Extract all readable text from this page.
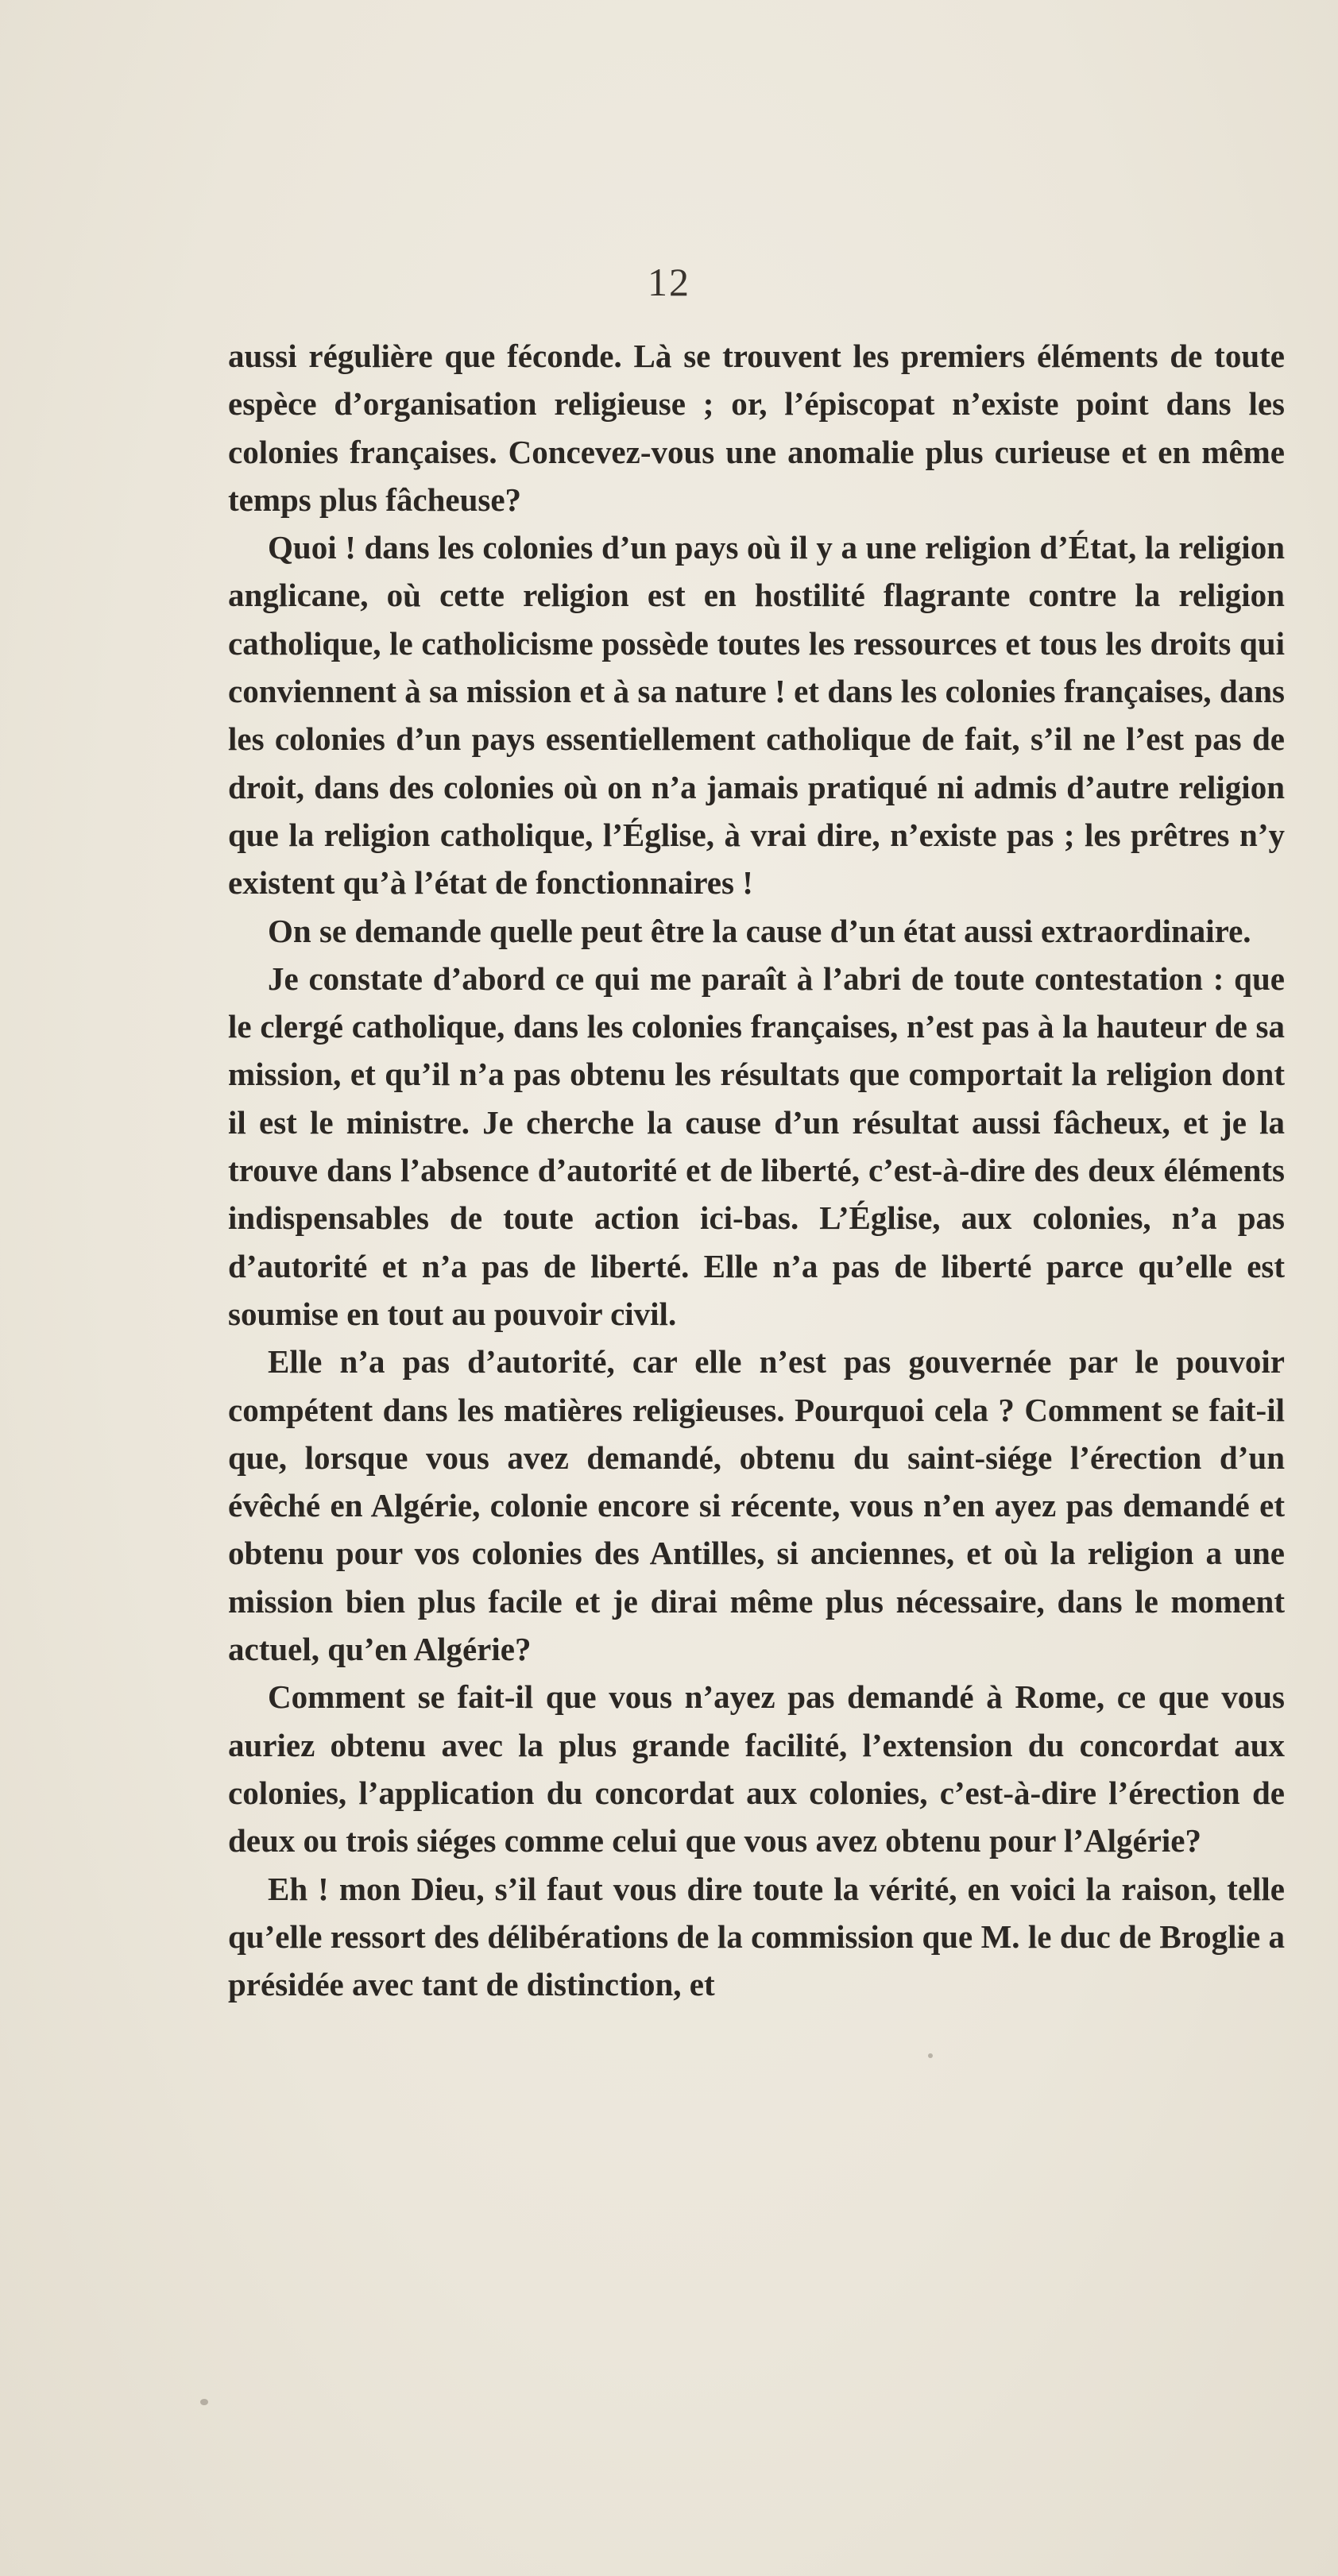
12

aussi régulière que féconde. Là se trouvent les premiers éléments de toute espèce d’organisation religieuse ; or, l’épiscopat n’existe point dans les colonies françaises. Concevez-vous une anomalie plus curieuse et en même temps plus fâcheuse?

Quoi ! dans les colonies d’un pays où il y a une religion d’État, la religion anglicane, où cette religion est en hostilité flagrante contre la religion catholique, le catholicisme possède toutes les ressources et tous les droits qui conviennent à sa mission et à sa nature ! et dans les colonies françaises, dans les colonies d’un pays essentiellement catholique de fait, s’il ne l’est pas de droit, dans des colonies où on n’a jamais pratiqué ni admis d’autre religion que la religion catholique, l’Église, à vrai dire, n’existe pas ; les prêtres n’y existent qu’à l’état de fonctionnaires !

On se demande quelle peut être la cause d’un état aussi extraordinaire.

Je constate d’abord ce qui me paraît à l’abri de toute contestation : que le clergé catholique, dans les colonies françaises, n’est pas à la hauteur de sa mission, et qu’il n’a pas obtenu les résultats que comportait la religion dont il est le ministre. Je cherche la cause d’un résultat aussi fâcheux, et je la trouve dans l’absence d’autorité et de liberté, c’est-à-dire des deux éléments indispensables de toute action ici-bas. L’Église, aux colonies, n’a pas d’autorité et n’a pas de liberté. Elle n’a pas de liberté parce qu’elle est soumise en tout au pouvoir civil.

Elle n’a pas d’autorité, car elle n’est pas gouvernée par le pouvoir compétent dans les matières religieuses. Pourquoi cela ? Comment se fait-il que, lorsque vous avez demandé, obtenu du saint-siége l’érection d’un évêché en Algérie, colonie encore si récente, vous n’en ayez pas demandé et obtenu pour vos colonies des Antilles, si anciennes, et où la religion a une mission bien plus facile et je dirai même plus nécessaire, dans le moment actuel, qu’en Algérie?

Comment se fait-il que vous n’ayez pas demandé à Rome, ce que vous auriez obtenu avec la plus grande facilité, l’extension du concordat aux colonies, l’application du concordat aux colonies, c’est-à-dire l’érection de deux ou trois siéges comme celui que vous avez obtenu pour l’Algérie?

Eh ! mon Dieu, s’il faut vous dire toute la vérité, en voici la raison, telle qu’elle ressort des délibérations de la commission que M. le duc de Broglie a présidée avec tant de distinction, et
